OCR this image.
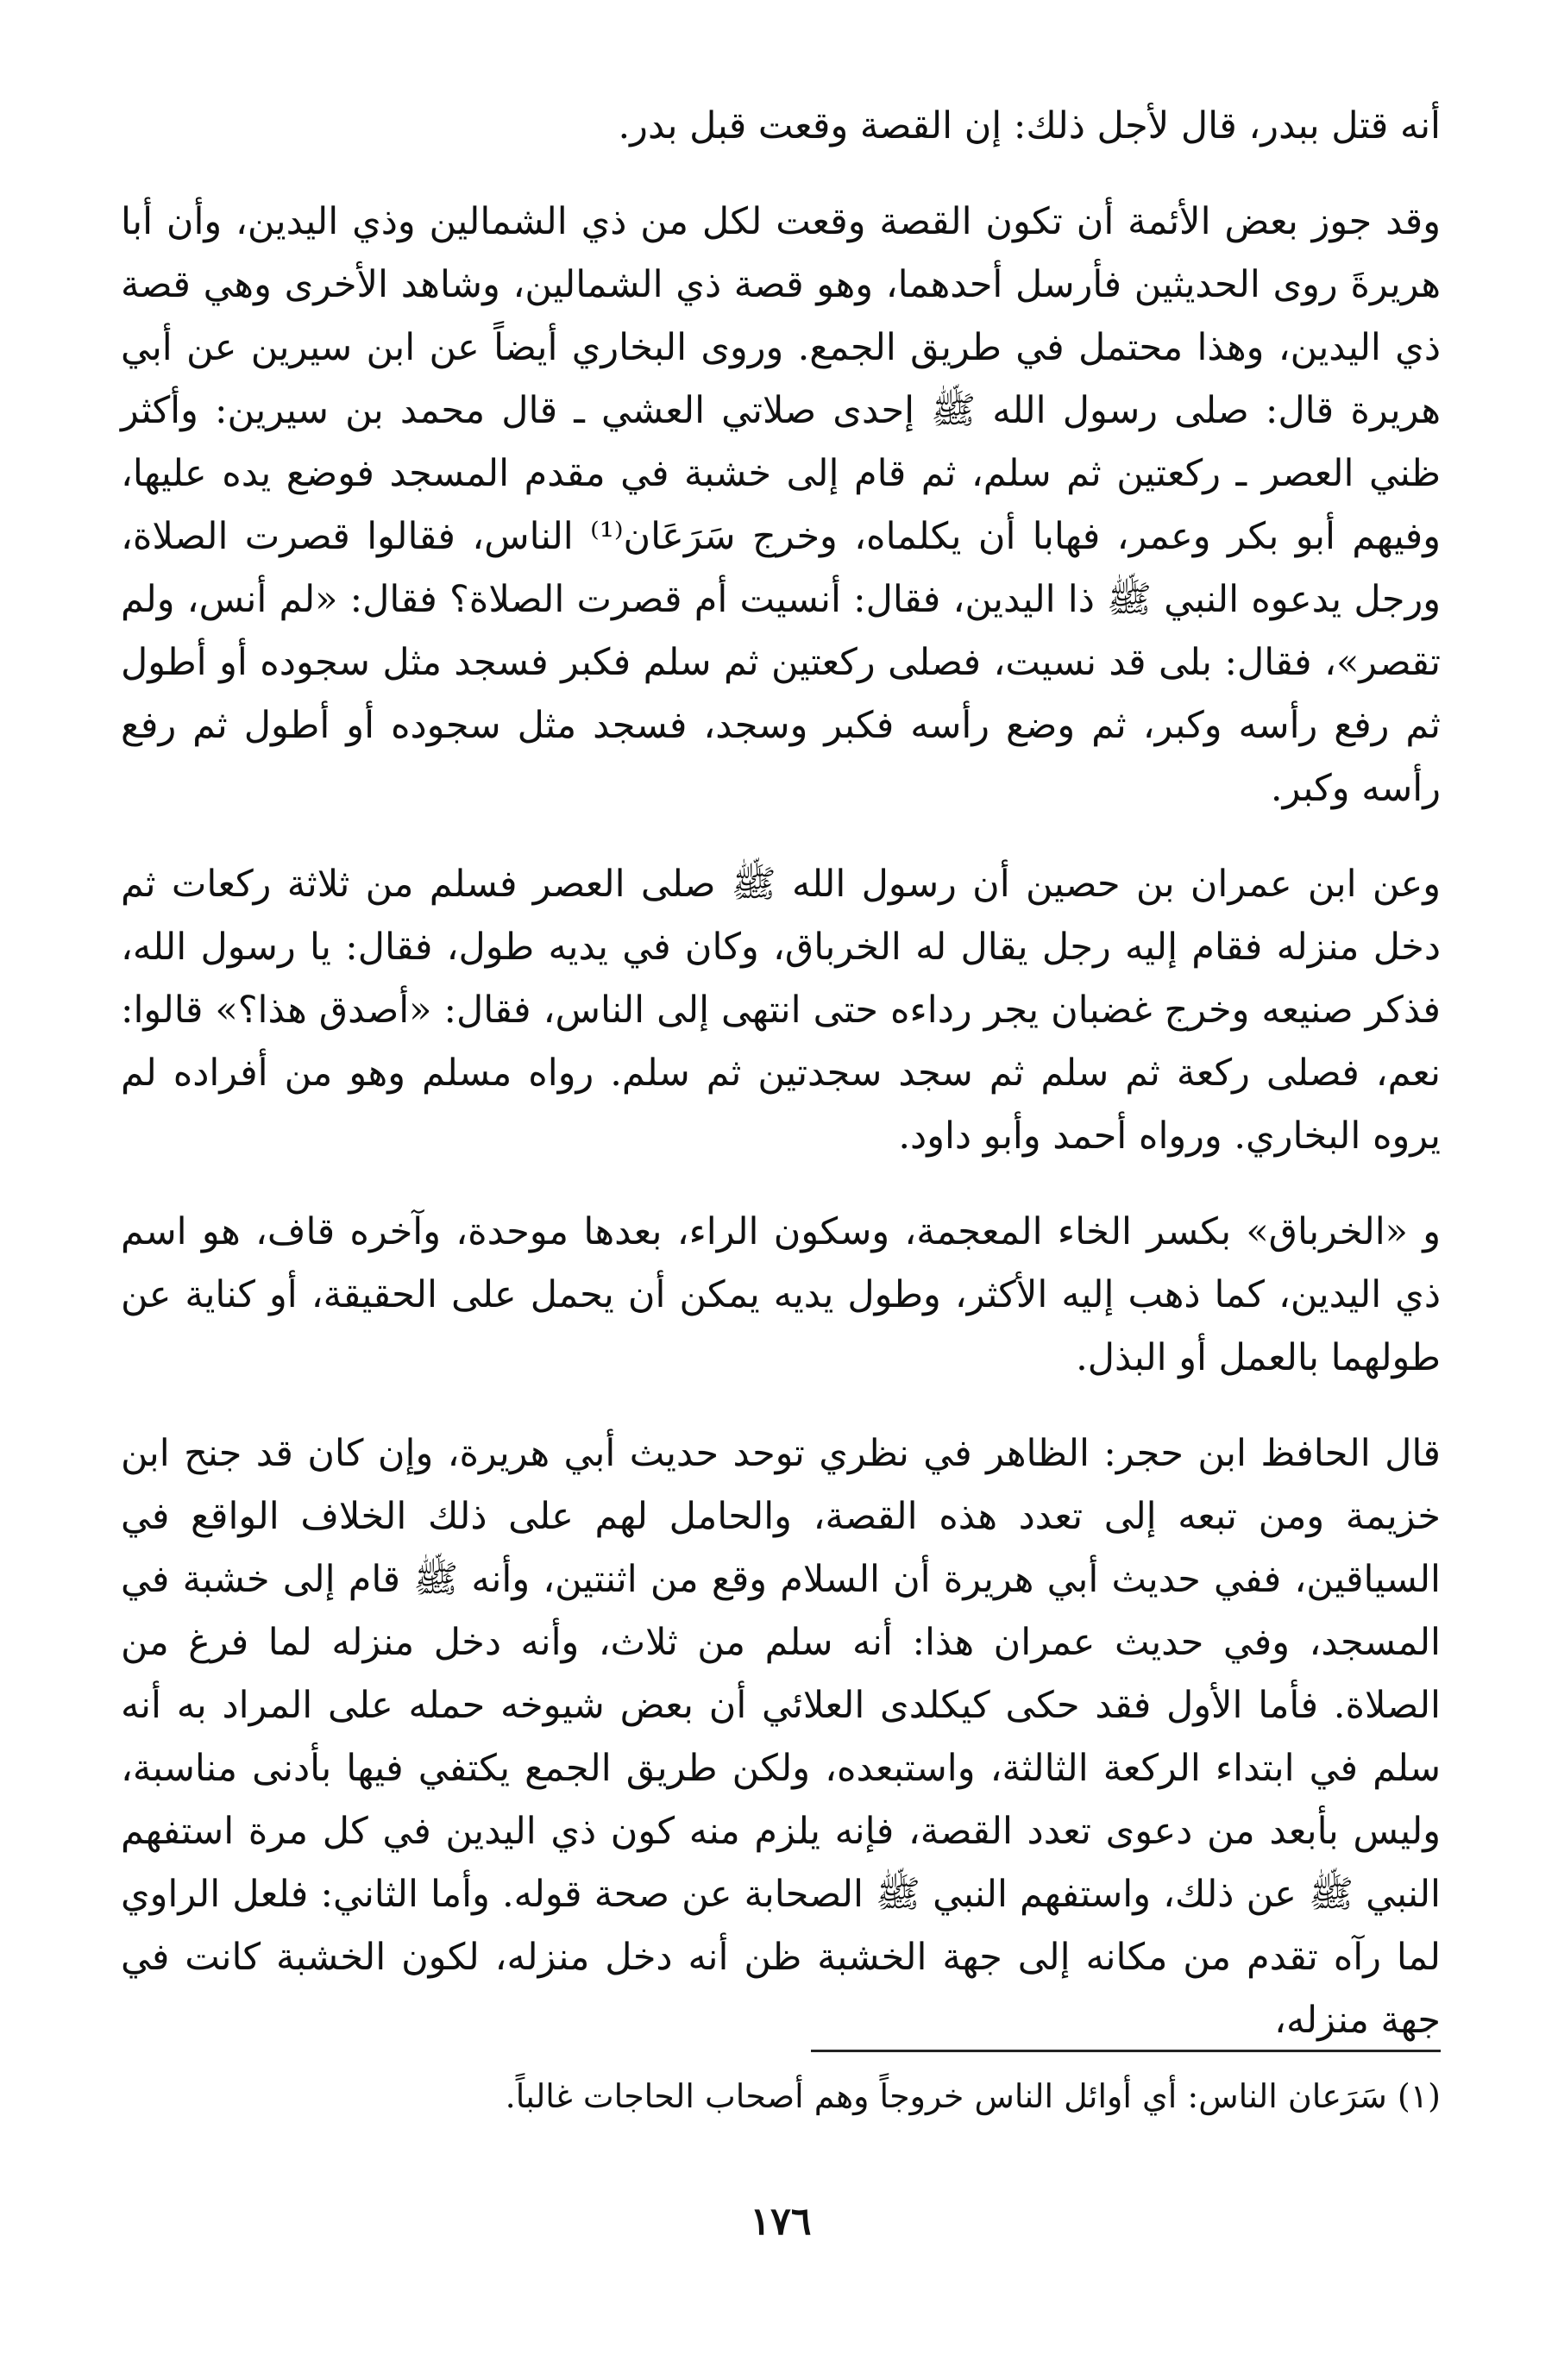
أنه قتل ببدر، قال لأجل ذلك: إن القصة وقعت قبل بدر.

وقد جوز بعض الأئمة أن تكون القصة وقعت لكل من ذي الشمالين وذي اليدين، وأن أبا هريرةَ روى الحديثين فأرسل أحدهما، وهو قصة ذي الشمالين، وشاهد الأخرى وهي قصة ذي اليدين، وهذا محتمل في طريق الجمع. وروى البخاري أيضاً عن ابن سيرين عن أبي هريرة قال: صلى رسول الله ﷺ إحدى صلاتي العشي ـ قال محمد بن سيرين: وأكثر ظني العصر ـ ركعتين ثم سلم، ثم قام إلى خشبة في مقدم المسجد فوضع يده عليها، وفيهم أبو بكر وعمر، فهابا أن يكلماه، وخرج سَرَعَان⁽¹⁾ الناس، فقالوا قصرت الصلاة، ورجل يدعوه النبي ﷺ ذا اليدين، فقال: أنسيت أم قصرت الصلاة؟ فقال: «لم أنس، ولم تقصر»، فقال: بلى قد نسيت، فصلى ركعتين ثم سلم فكبر فسجد مثل سجوده أو أطول ثم رفع رأسه وكبر، ثم وضع رأسه فكبر وسجد، فسجد مثل سجوده أو أطول ثم رفع رأسه وكبر.

وعن ابن عمران بن حصين أن رسول الله ﷺ صلى العصر فسلم من ثلاثة ركعات ثم دخل منزله فقام إليه رجل يقال له الخرباق، وكان في يديه طول، فقال: يا رسول الله، فذكر صنيعه وخرج غضبان يجر رداءه حتى انتهى إلى الناس، فقال: «أصدق هذا؟» قالوا: نعم، فصلى ركعة ثم سلم ثم سجد سجدتين ثم سلم. رواه مسلم وهو من أفراده لم يروه البخاري. ورواه أحمد وأبو داود.

و «الخرباق» بكسر الخاء المعجمة، وسكون الراء، بعدها موحدة، وآخره قاف، هو اسم ذي اليدين، كما ذهب إليه الأكثر، وطول يديه يمكن أن يحمل على الحقيقة، أو كناية عن طولهما بالعمل أو البذل.

قال الحافظ ابن حجر: الظاهر في نظري توحد حديث أبي هريرة، وإن كان قد جنح ابن خزيمة ومن تبعه إلى تعدد هذه القصة، والحامل لهم على ذلك الخلاف الواقع في السياقين، ففي حديث أبي هريرة أن السلام وقع من اثنتين، وأنه ﷺ قام إلى خشبة في المسجد، وفي حديث عمران هذا: أنه سلم من ثلاث، وأنه دخل منزله لما فرغ من الصلاة. فأما الأول فقد حكى كيكلدى العلائي أن بعض شيوخه حمله على المراد به أنه سلم في ابتداء الركعة الثالثة، واستبعده، ولكن طريق الجمع يكتفي فيها بأدنى مناسبة، وليس بأبعد من دعوى تعدد القصة، فإنه يلزم منه كون ذي اليدين في كل مرة استفهم النبي ﷺ عن ذلك، واستفهم النبي ﷺ الصحابة عن صحة قوله. وأما الثاني: فلعل الراوي لما رآه تقدم من مكانه إلى جهة الخشبة ظن أنه دخل منزله، لكون الخشبة كانت في جهة منزله،

(١) سَرَعان الناس: أي أوائل الناس خروجاً وهم أصحاب الحاجات غالباً.

١٧٦
